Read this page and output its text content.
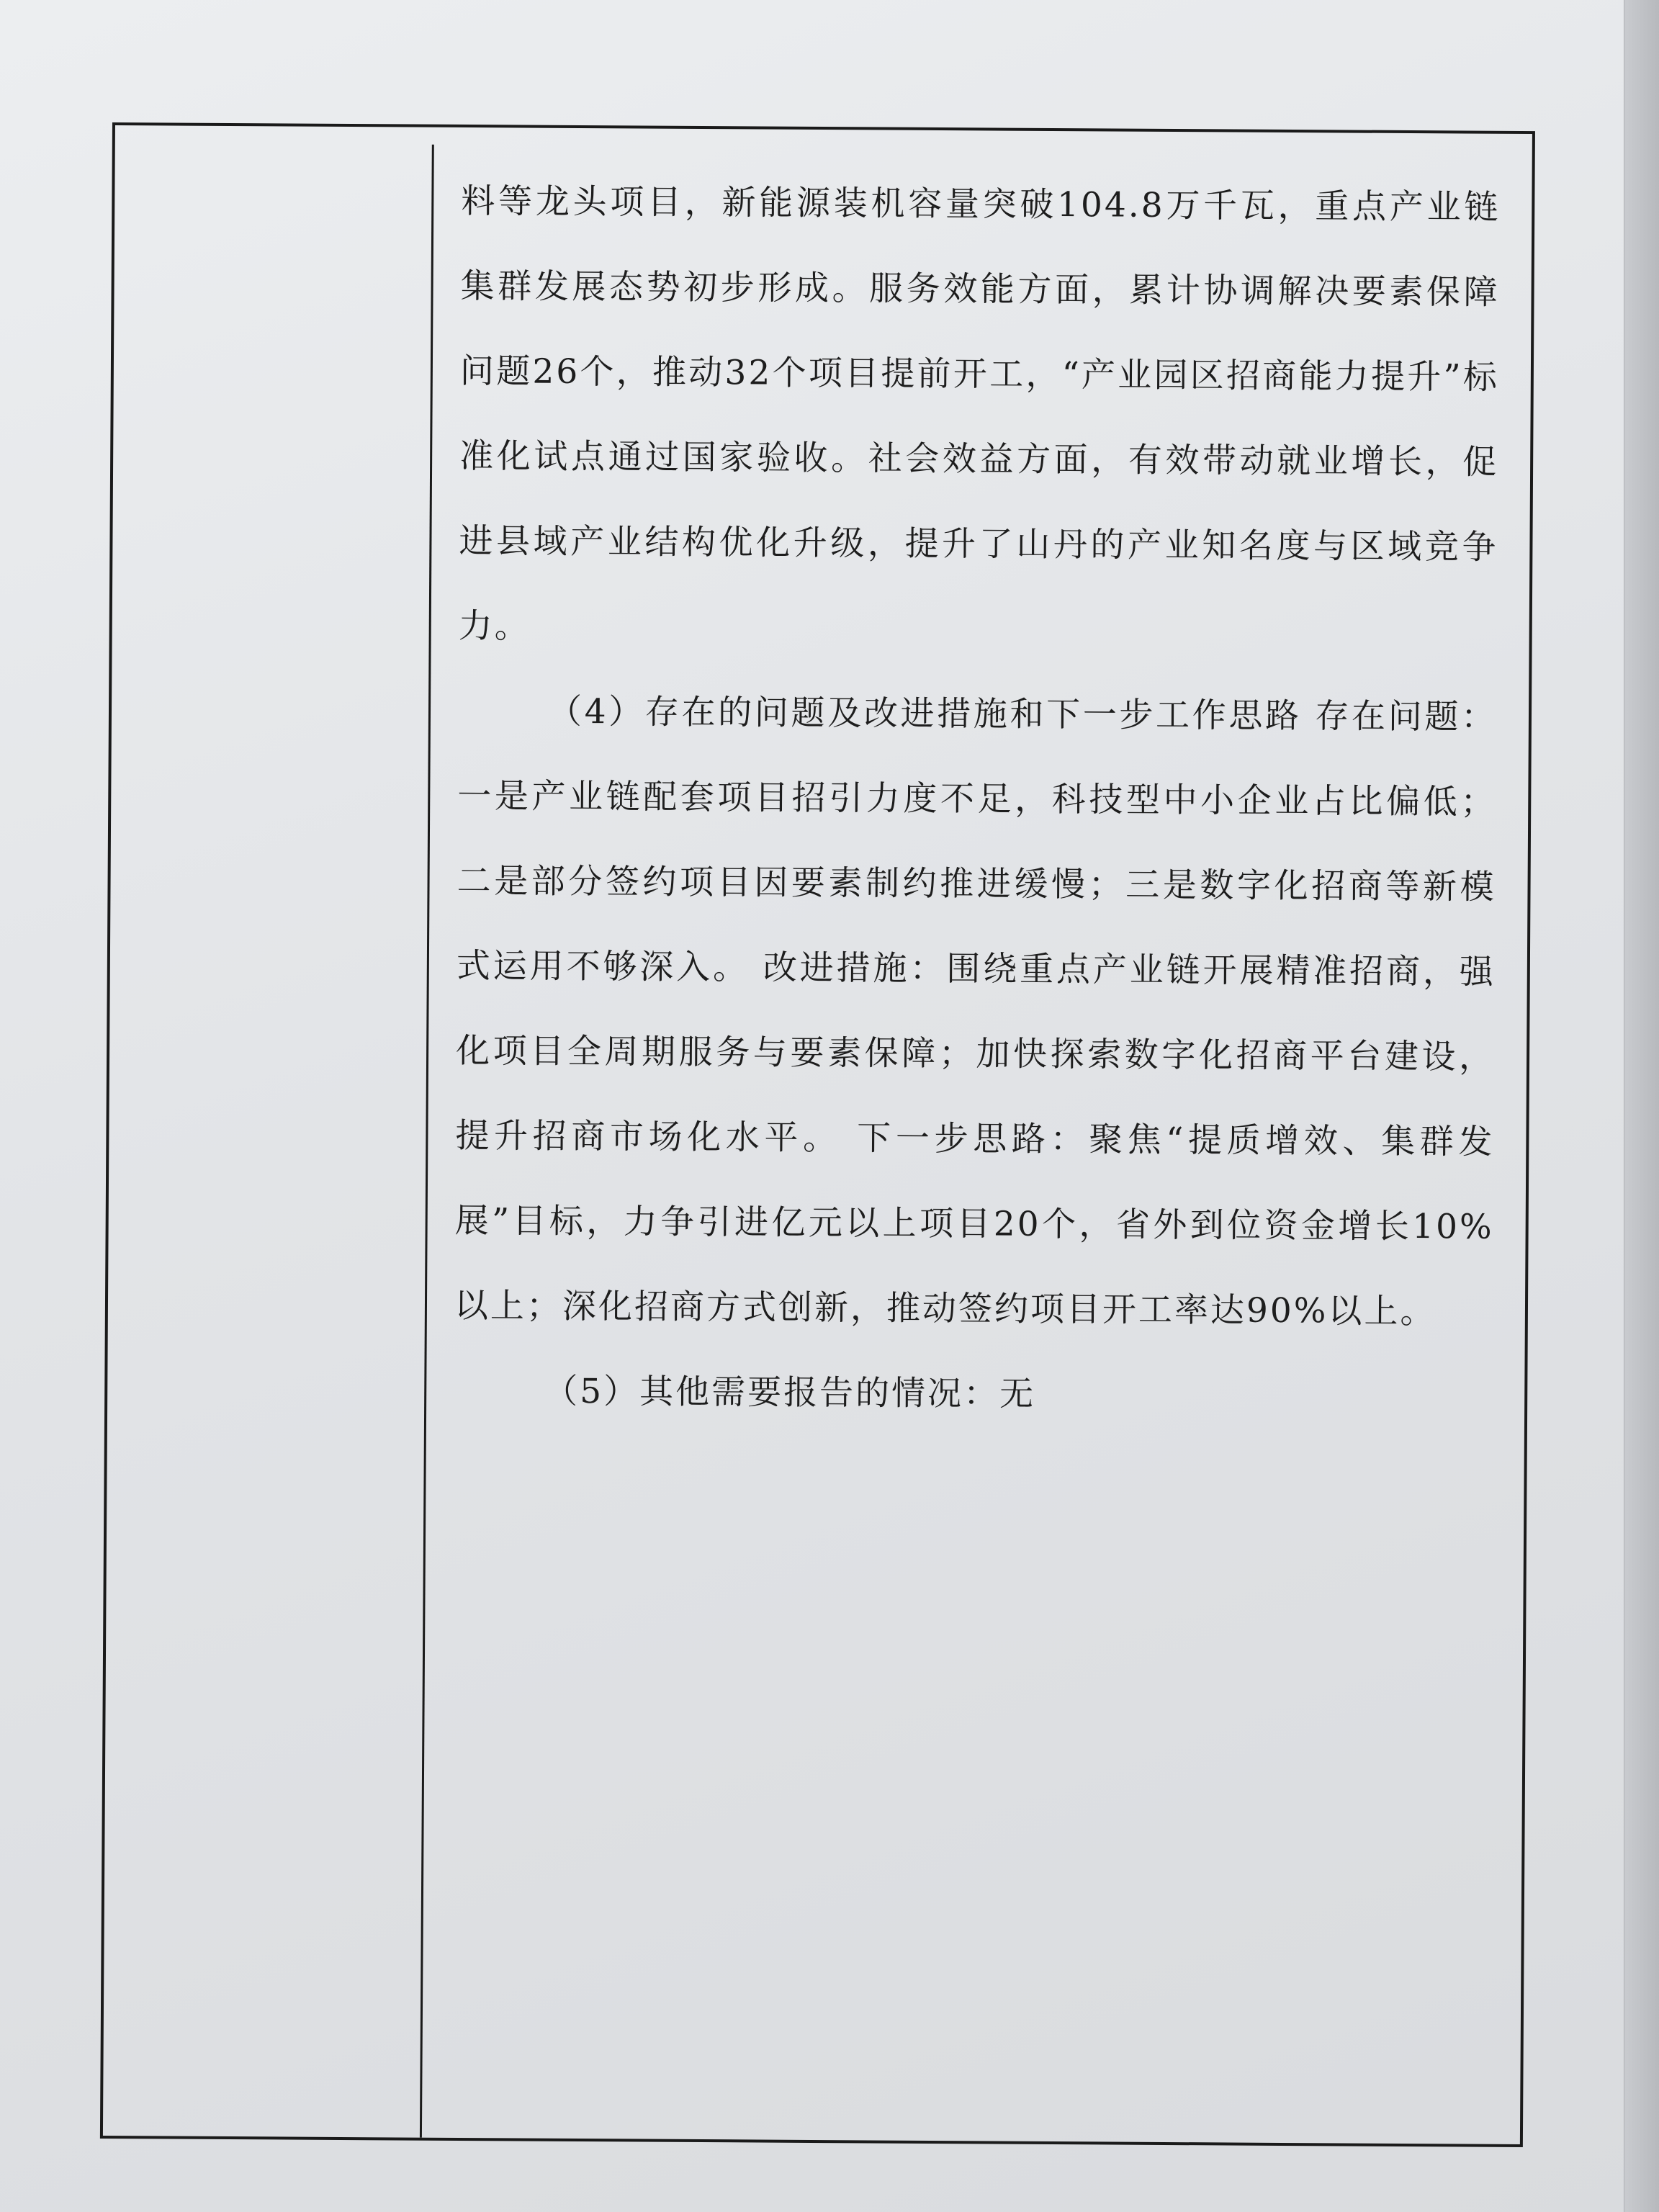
料等龙头项目，新能源装机容量突破104.8万千瓦，重点产业链集群发展态势初步形成。服务效能方面，累计协调解决要素保障问题26个，推动32个项目提前开工，“产业园区招商能力提升”标准化试点通过国家验收。社会效益方面，有效带动就业增长，促进县域产业结构优化升级，提升了山丹的产业知名度与区域竞争力。

（4）存在的问题及改进措施和下一步工作思路 存在问题：一是产业链配套项目招引力度不足，科技型中小企业占比偏低；二是部分签约项目因要素制约推进缓慢；三是数字化招商等新模式运用不够深入。 改进措施：围绕重点产业链开展精准招商，强化项目全周期服务与要素保障；加快探索数字化招商平台建设，提升招商市场化水平。 下一步思路：聚焦“提质增效、集群发展”目标，力争引进亿元以上项目20个，省外到位资金增长10%以上；深化招商方式创新，推动签约项目开工率达90%以上。

（5）其他需要报告的情况：无
